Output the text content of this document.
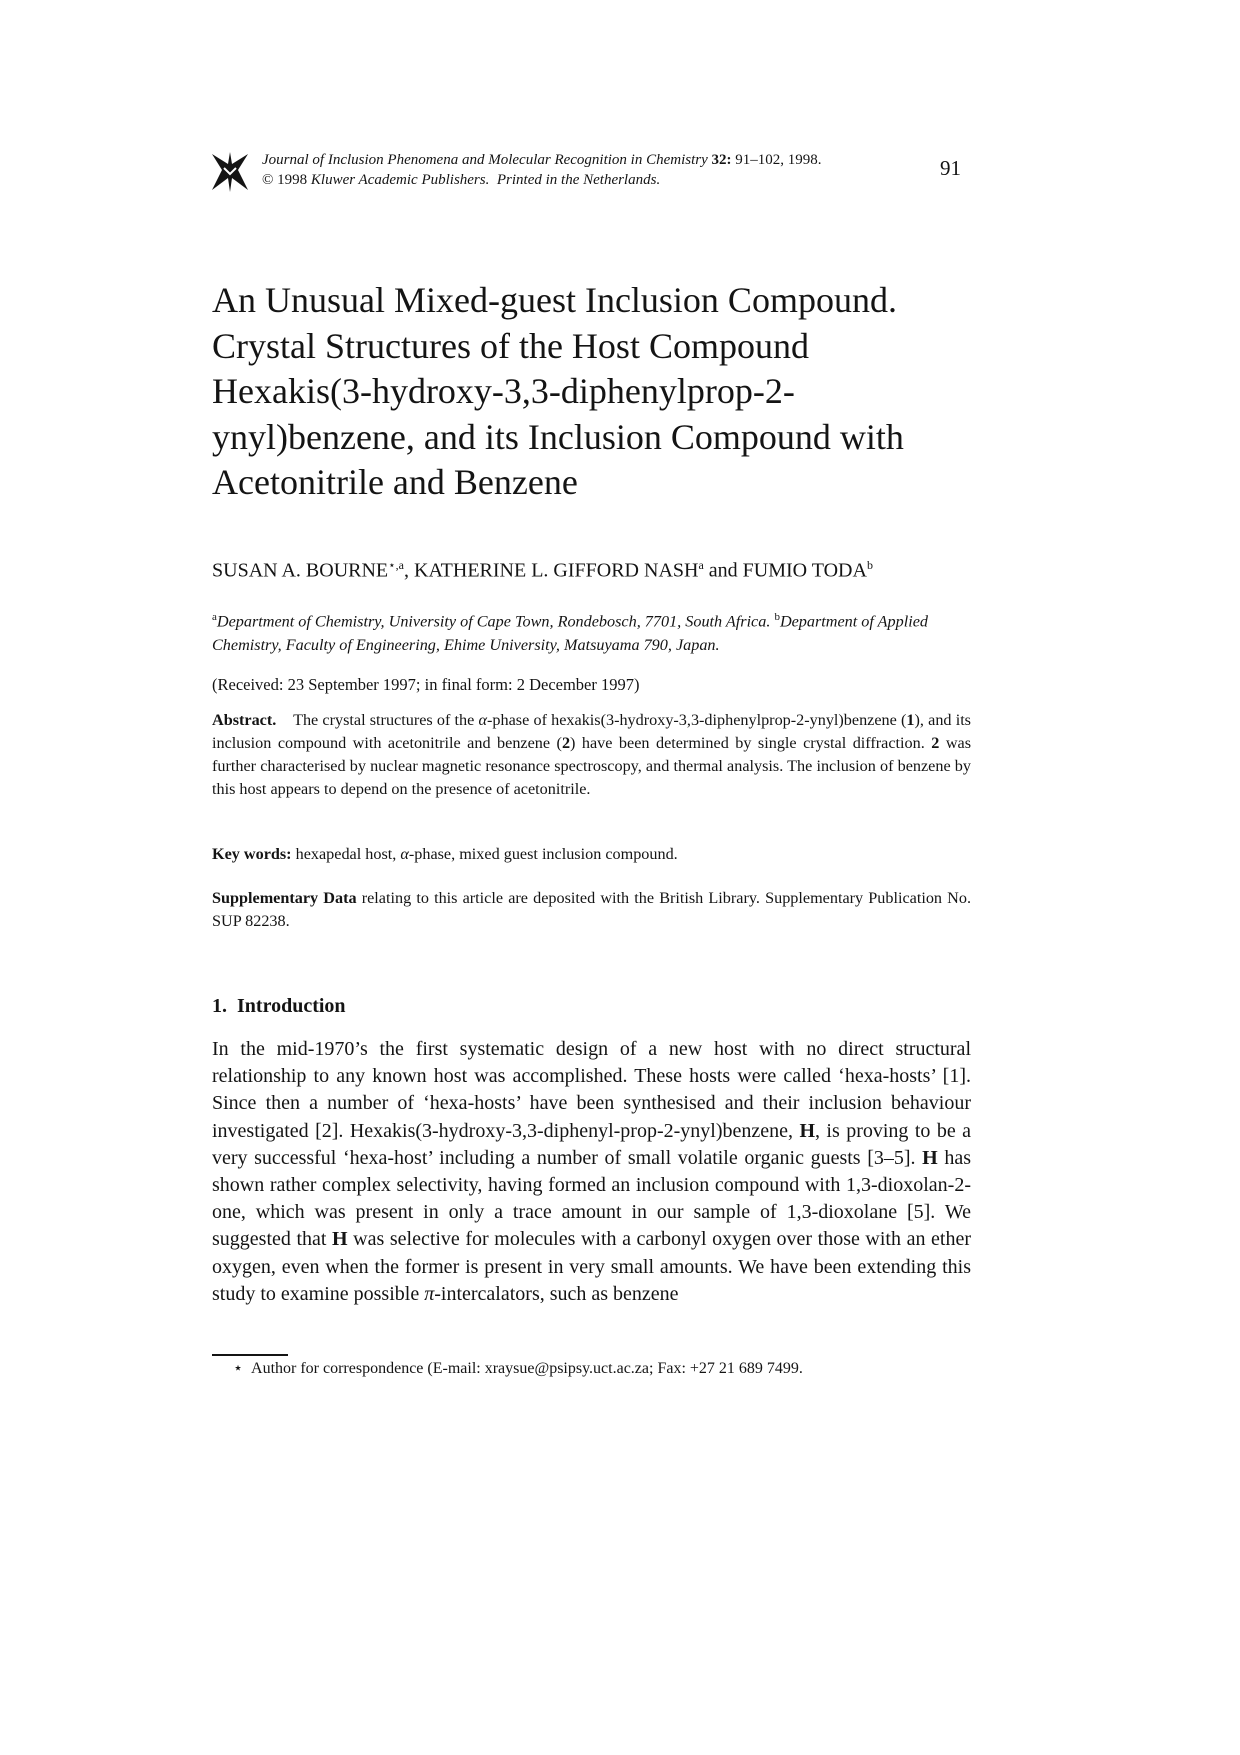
Journal of Inclusion Phenomena and Molecular Recognition in Chemistry 32: 91–102, 1998.
© 1998 Kluwer Academic Publishers. Printed in the Netherlands.	91
An Unusual Mixed-guest Inclusion Compound.
Crystal Structures of the Host Compound
Hexakis(3-hydroxy-3,3-diphenylprop-2-
ynyl)benzene, and its Inclusion Compound with
Acetonitrile and Benzene
SUSAN A. $BOURNE^{⋆,a}$, KATHERINE L. GIFFORD NASH$^a$ and FUMIO TODA$^b$
$^a$Department of Chemistry, University of Cape Town, Rondebosch, 7701, South Africa. $^b$Department of Applied Chemistry, Faculty of Engineering, Ehime University, Matsuyama 790, Japan.
(Received: 23 September 1997; in final form: 2 December 1997)
Abstract. The crystal structures of the α-phase of hexakis(3-hydroxy-3,3-diphenylprop-2-ynyl)benzene (1), and its inclusion compound with acetonitrile and benzene (2) have been determined by single crystal diffraction. 2 was further characterised by nuclear magnetic resonance spectroscopy, and thermal analysis. The inclusion of benzene by this host appears to depend on the presence of acetonitrile.
Key words: hexapedal host, α-phase, mixed guest inclusion compound.
Supplementary Data relating to this article are deposited with the British Library. Supplementary Publication No. SUP 82238.
1.  Introduction
In the mid-1970’s the first systematic design of a new host with no direct structural relationship to any known host was accomplished. These hosts were called ‘hexa-hosts’ [1]. Since then a number of ‘hexa-hosts’ have been synthesised and their inclusion behaviour investigated [2]. Hexakis(3-hydroxy-3,3-diphenyl-prop-2-ynyl)benzene, H, is proving to be a very successful ‘hexa-host’ including a number of small volatile organic guests [3–5]. H has shown rather complex selectivity, having formed an inclusion compound with 1,3-dioxolan-2-one, which was present in only a trace amount in our sample of 1,3-dioxolane [5]. We suggested that H was selective for molecules with a carbonyl oxygen over those with an ether oxygen, even when the former is present in very small amounts. We have been extending this study to examine possible π-intercalators, such as benzene
⋆ Author for correspondence (E-mail: xraysue@psipsy.uct.ac.za; Fax: +27 21 689 7499.
